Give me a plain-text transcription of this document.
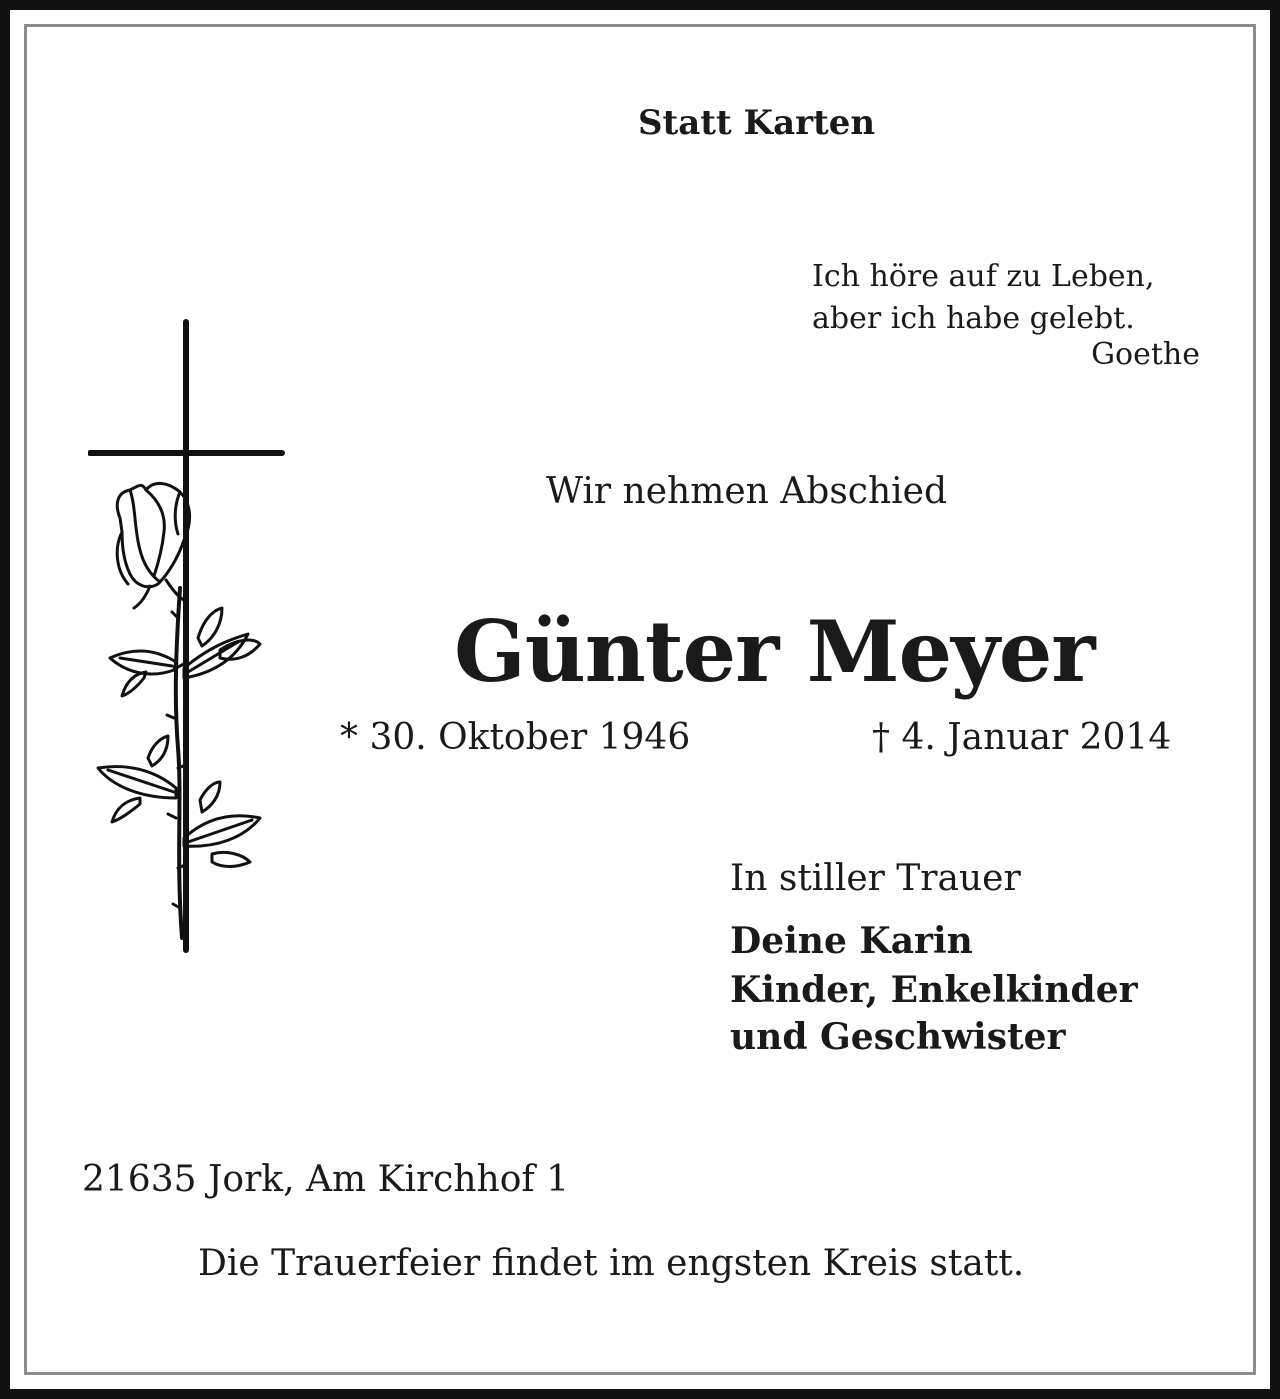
Statt Karten
Ich höre auf zu Leben,
aber ich habe gelebt.
Goethe
Wir nehmen Abschied
Günter Meyer
* 30. Oktober 1946	† 4. Januar 2014
In stiller Trauer
Deine Karin
Kinder, Enkelkinder
und Geschwister
21635 Jork, Am Kirchhof 1
Die Trauerfeier findet im engsten Kreis statt.
